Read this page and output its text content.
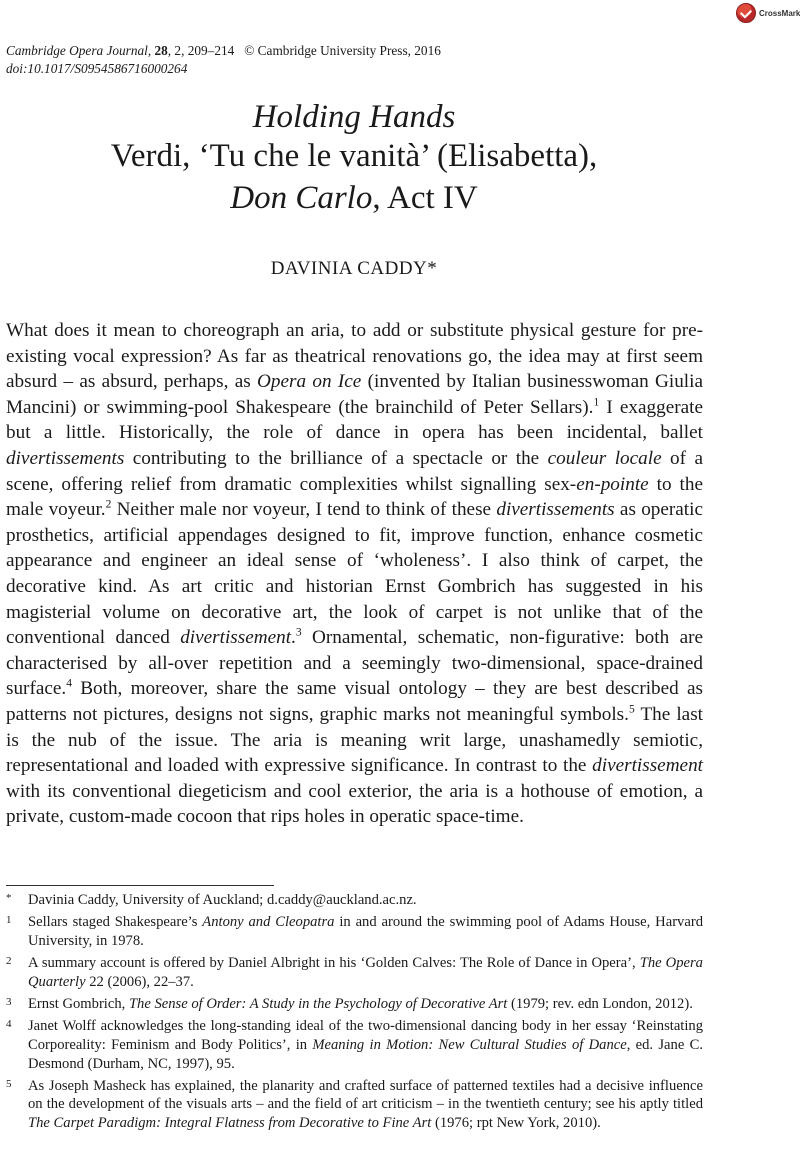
CrossMark
Cambridge Opera Journal, 28, 2, 209–214 © Cambridge University Press, 2016
doi:10.1017/S0954586716000264
Holding Hands
Verdi, ‘Tu che le vanità’ (Elisabetta),
Don Carlo, Act IV
DAVINIA CADDY*
What does it mean to choreograph an aria, to add or substitute physical gesture for pre-existing vocal expression? As far as theatrical renovations go, the idea may at first seem absurd – as absurd, perhaps, as Opera on Ice (invented by Italian businesswoman Giulia Mancini) or swimming-pool Shakespeare (the brainchild of Peter Sellars).$^1$ I exaggerate but a little. Historically, the role of dance in opera has been incidental, ballet divertissements contributing to the brilliance of a spectacle or the couleur locale of a scene, offering relief from dramatic complexities whilst signalling sex-en-pointe to the male voyeur.$^2$ Neither male nor voyeur, I tend to think of these divertissements as operatic prosthetics, artificial appendages designed to fit, improve function, enhance cosmetic appearance and engineer an ideal sense of ‘wholeness’. I also think of carpet, the decorative kind. As art critic and historian Ernst Gombrich has suggested in his magisterial volume on decorative art, the look of carpet is not unlike that of the conventional danced divertissement.$^3$ Ornamental, schematic, non-figurative: both are characterised by all-over repetition and a seemingly two-dimensional, space-drained surface.$^4$ Both, moreover, share the same visual ontology – they are best described as patterns not pictures, designs not signs, graphic marks not meaningful symbols.$^5$ The last is the nub of the issue. The aria is meaning writ large, unashamedly semiotic, representational and loaded with expressive significance. In contrast to the divertissement with its conventional diegeticism and cool exterior, the aria is a hothouse of emotion, a private, custom-made cocoon that rips holes in operatic space-time.
*	Davinia Caddy, University of Auckland; d.caddy@auckland.ac.nz.
1	Sellars staged Shakespeare’s Antony and Cleopatra in and around the swimming pool of Adams House, Harvard University, in 1978.
2	A summary account is offered by Daniel Albright in his ‘Golden Calves: The Role of Dance in Opera’, The Opera Quarterly 22 (2006), 22–37.
3	Ernst Gombrich, The Sense of Order: A Study in the Psychology of Decorative Art (1979; rev. edn London, 2012).
4	Janet Wolff acknowledges the long-standing ideal of the two-dimensional dancing body in her essay ‘Reinstating Corporeality: Feminism and Body Politics’, in Meaning in Motion: New Cultural Studies of Dance, ed. Jane C. Desmond (Durham, NC, 1997), 95.
5	As Joseph Masheck has explained, the planarity and crafted surface of patterned textiles had a decisive influence on the development of the visuals arts – and the field of art criticism – in the twentieth century; see his aptly titled The Carpet Paradigm: Integral Flatness from Decorative to Fine Art (1976; rpt New York, 2010).
